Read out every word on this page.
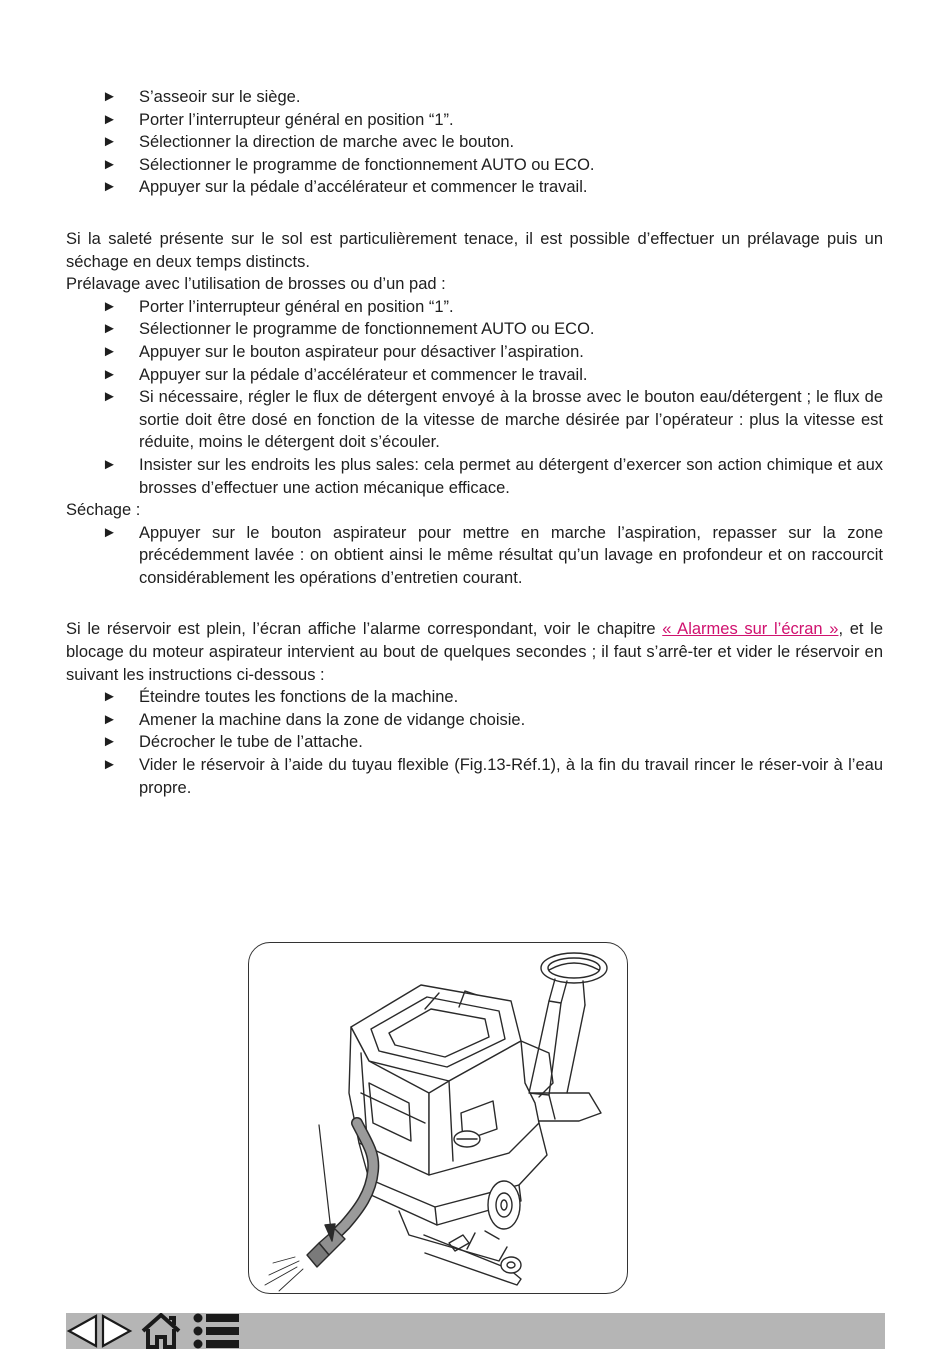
► S’asseoir sur le siège.
► Porter l’interrupteur général en position “1”.
► Sélectionner la direction de marche avec le bouton.
► Sélectionner le programme de fonctionnement AUTO ou ECO.
► Appuyer sur la pédale d’accélérateur et commencer le travail.

Si la saleté présente sur le sol est particulièrement tenace, il est possible d’effectuer un prélavage puis un séchage en deux temps distincts.

Prélavage avec l’utilisation de brosses ou d’un pad :

► Porter l’interrupteur général en position “1”.
► Sélectionner le programme de fonctionnement AUTO ou ECO.
► Appuyer sur le bouton aspirateur pour désactiver l’aspiration.
► Appuyer sur la pédale d’accélérateur et commencer le travail.
► Si nécessaire, régler le flux de détergent envoyé à la brosse avec le bouton eau/détergent ; le flux de sortie doit être dosé en fonction de la vitesse de marche désirée par l’opérateur : plus la vitesse est réduite, moins le détergent doit s’écouler.
► Insister sur les endroits les plus sales: cela permet au détergent d’exercer son action chimique et aux brosses d’effectuer une action mécanique efficace.

Séchage :

► Appuyer sur le bouton aspirateur pour mettre en marche l’aspiration, repasser sur la zone précédemment lavée : on obtient ainsi le même résultat qu’un lavage en profondeur et on raccourcit considérablement les opérations d’entretien courant.

Si le réservoir est plein, l’écran affiche l’alarme correspondant, voir le chapitre « Alarmes sur l’écran », et le blocage du moteur aspirateur intervient au bout de quelques secondes ; il faut s’arrê-ter et vider le réservoir en suivant les instructions ci-dessous :

► Éteindre toutes les fonctions de la machine.
► Amener la machine dans la zone de vidange choisie.
► Décrocher le tube de l’attache.
► Vider le réservoir à l’aide du tuyau flexible (Fig.13-Réf.1), à la fin du travail rincer le réser-voir à l’eau propre.
